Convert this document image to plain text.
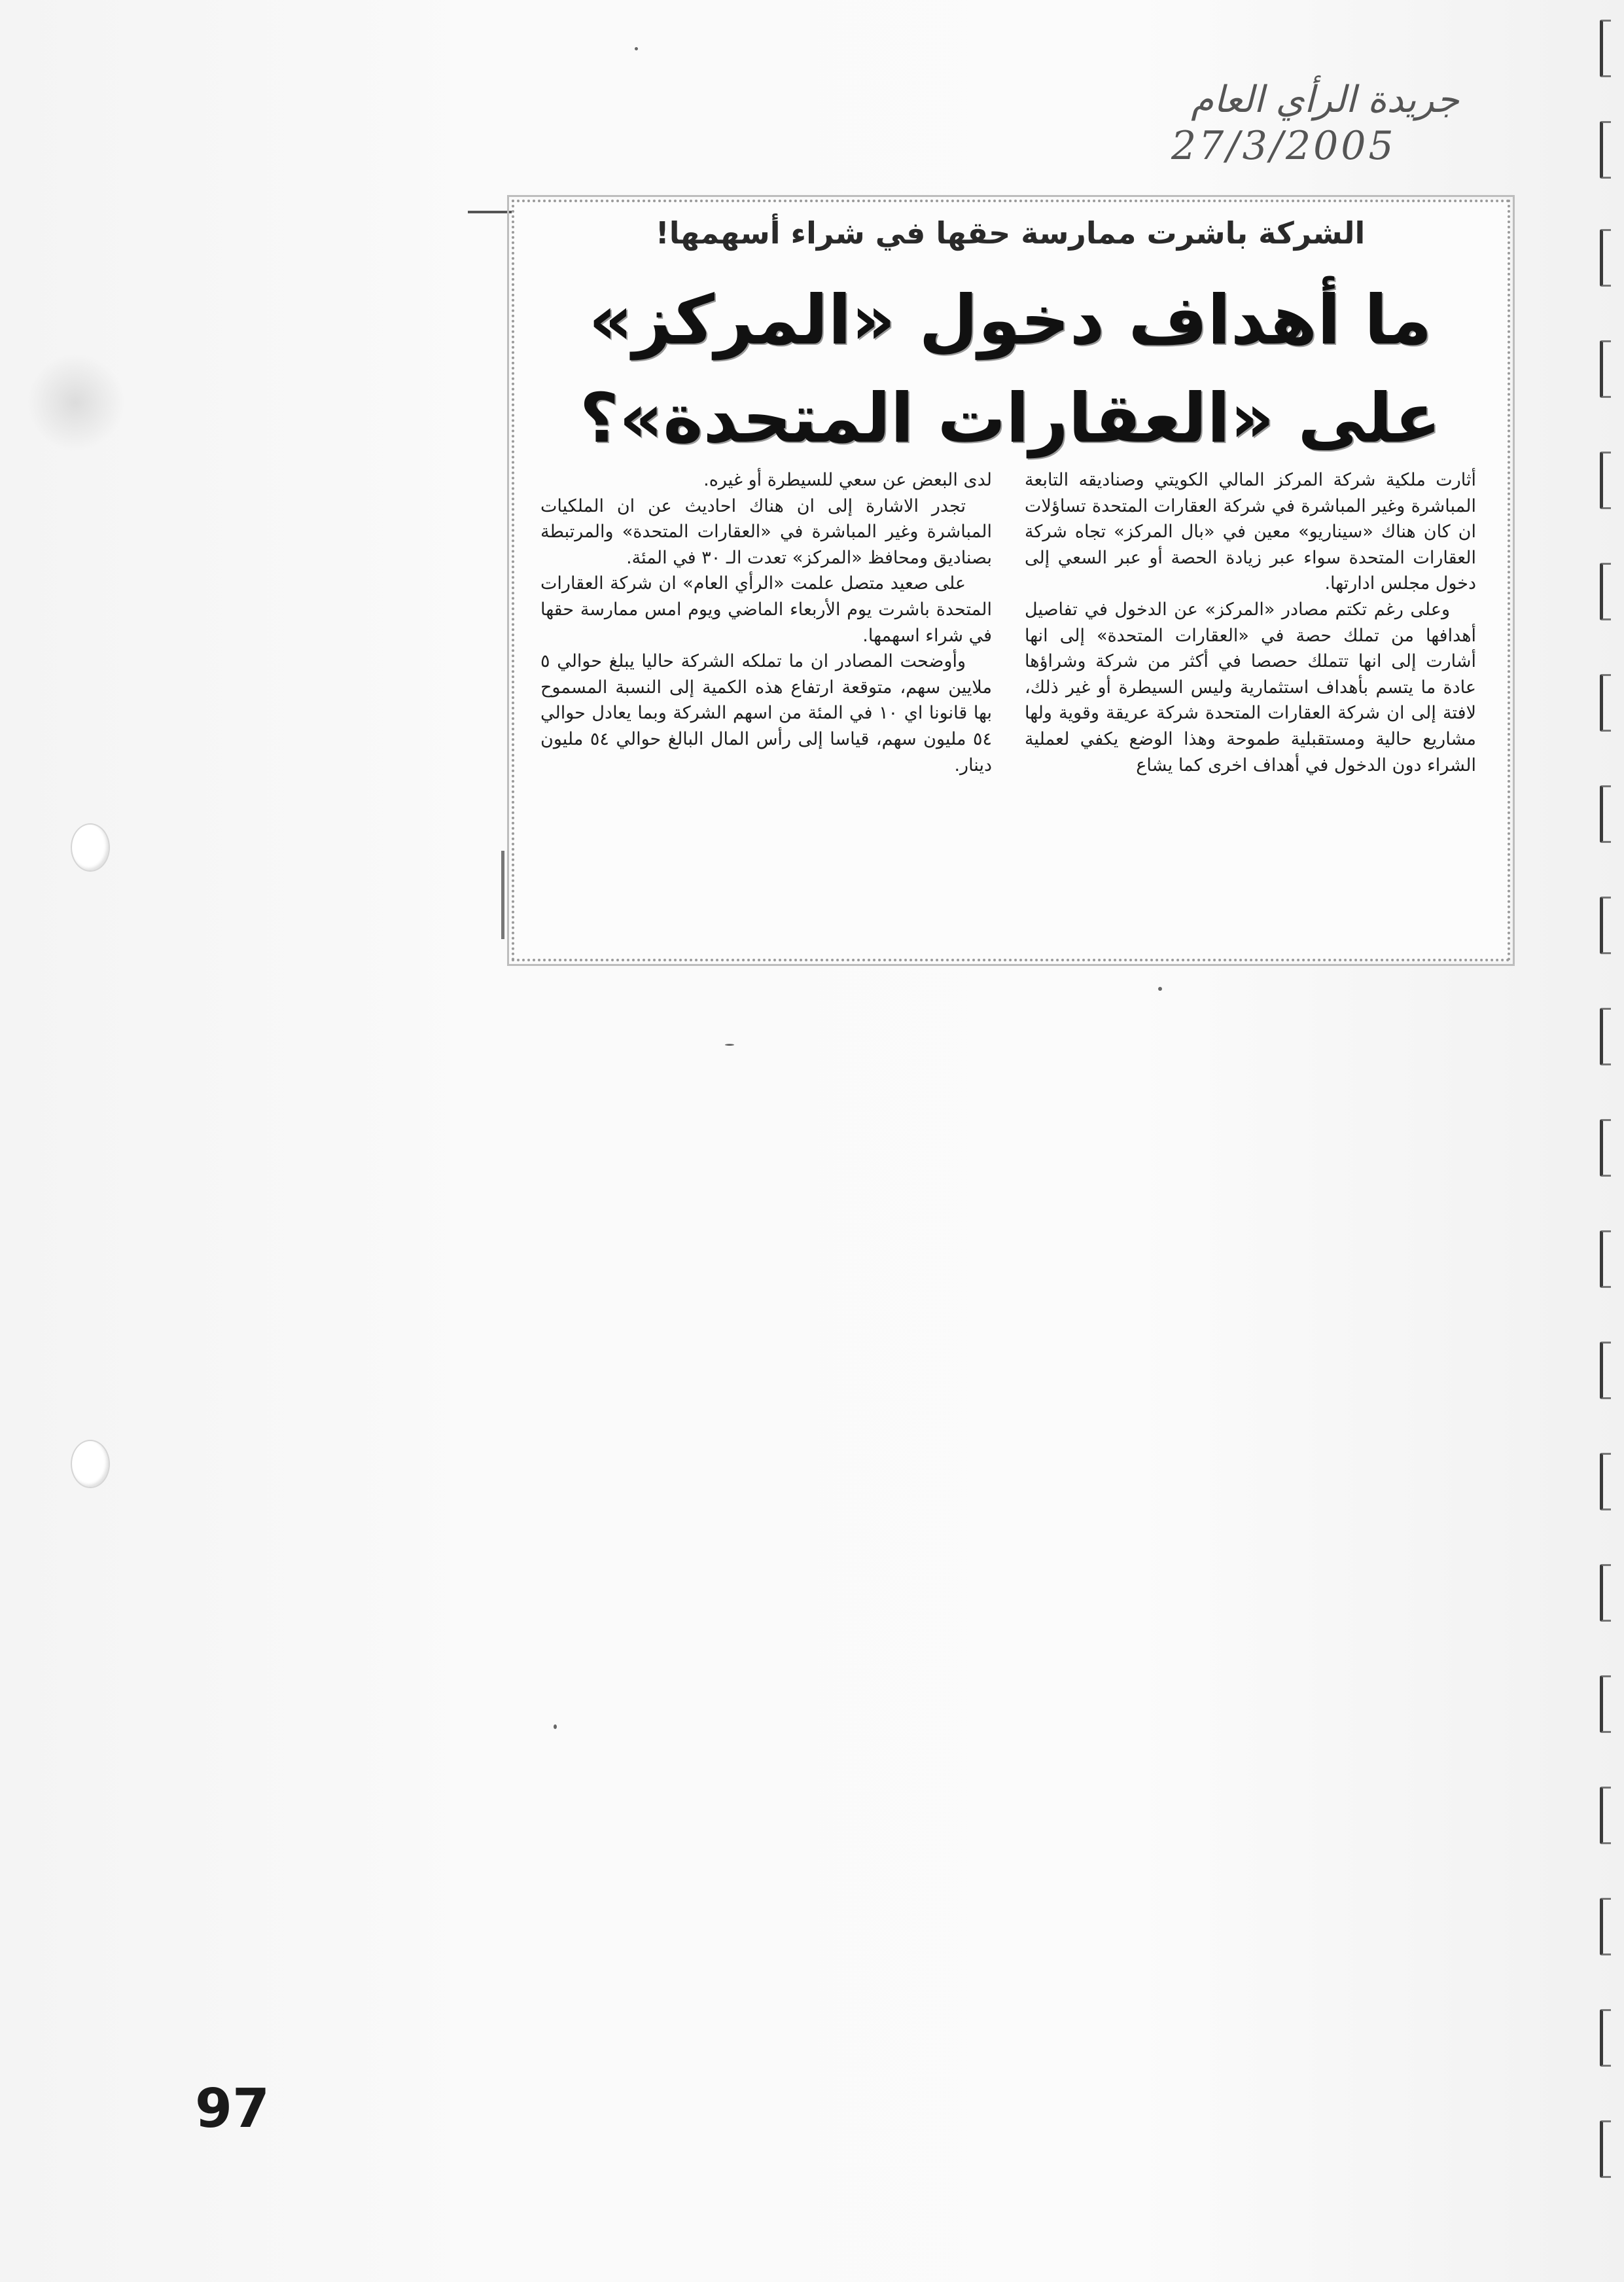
جريدة الرأي العام
27/3/2005
الشركة باشرت ممارسة حقها في شراء أسهمها!
ما أهداف دخول «المركز»
على «العقارات المتحدة»؟

أثارت ملكية شركة المركز المالي الكويتي وصناديقه التابعة المباشرة وغير المباشرة في شركة العقارات المتحدة تساؤلات ان كان هناك «سيناريو» معين في «بال المركز» تجاه شركة العقارات المتحدة سواء عبر زيادة الحصة أو عبر السعي إلى دخول مجلس ادارتها.

وعلى رغم تكتم مصادر «المركز» عن الدخول في تفاصيل أهدافها من تملك حصة في «العقارات المتحدة» إلى انها أشارت إلى انها تتملك حصصا في أكثر من شركة وشراؤها عادة ما يتسم بأهداف استثمارية وليس السيطرة أو غير ذلك، لافتة إلى ان شركة العقارات المتحدة شركة عريقة وقوية ولها مشاريع حالية ومستقبلية طموحة وهذا الوضع يكفي لعملية الشراء دون الدخول في أهداف اخرى كما يشاع

لدى البعض عن سعي للسيطرة أو غيره.

تجدر الاشارة إلى ان هناك احاديث عن ان الملكيات المباشرة وغير المباشرة في «العقارات المتحدة» والمرتبطة بصناديق ومحافظ «المركز» تعدت الـ ٣٠ في المئة.

على صعيد متصل علمت «الرأي العام» ان شركة العقارات المتحدة باشرت يوم الأربعاء الماضي ويوم امس ممارسة حقها في شراء اسهمها.

وأوضحت المصادر ان ما تملكه الشركة حاليا يبلغ حوالي ٥ ملايين سهم، متوقعة ارتفاع هذه الكمية إلى النسبة المسموح بها قانونا اي ١٠ في المئة من اسهم الشركة وبما يعادل حوالي ٥٤ مليون سهم، قياسا إلى رأس المال البالغ حوالي ٥٤ مليون دينار.

97
